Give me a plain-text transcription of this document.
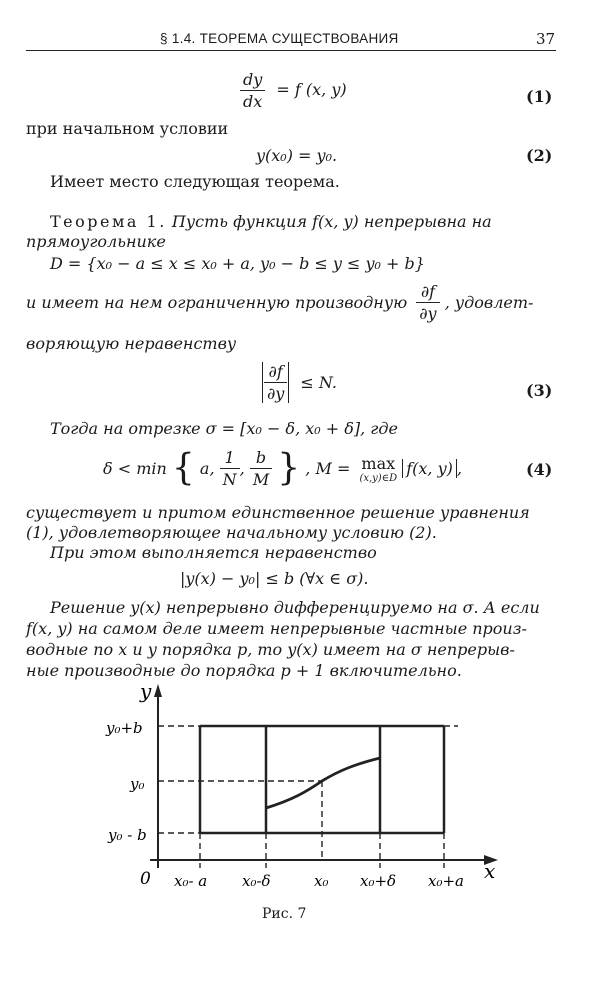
§ 1.4. ТЕОРЕМА СУЩЕСТВОВАНИЯ	37
$\frac{dy}{dx} = f$ (x, y)	(1)
при начальном условии
y(x₀) = y₀.	(2)
Имеет место следующая теорема.
Теорема 1. Пусть функция f(x, y) непрерывна на
прямоугольнике
D = {x₀ − a ≤ x ≤ x₀ + a, y₀ − b ≤ y ≤ y₀ + b}
и имеет на нем ограниченную производную $\frac{\partial f}{\partial y}$ , удовлет-
воряющую неравенству
$\frac{\partial f}{\partial y} \le N$.	(3)
Тогда на отрезке σ = [x₀ − δ, x₀ + δ], где
δ < min { a, $\frac{1}{N}$ , $\frac{b}{M}$ } , M = max
(x,y)∈D f(x, y) ,	(4)
существует и притом единственное решение уравнения
(1), удовлетворяющее начальному условию (2).
При этом выполняется неравенство
|y(x) − y₀| ≤ b (∀x ∈ σ).
Решение y(x) непрерывно дифференцируемо на σ. А если
f(x, y) на самом деле имеет непрерывные частные произ-
водные по x и y порядка p, то y(x) имеет на σ непрерыв-
ные производные до порядка p + 1 включительно.
y
x
0
y₀+b
y₀
y₀ - b
x₀- a x₀-δ	x₀ x₀+δ x₀+a
Рис. 7
